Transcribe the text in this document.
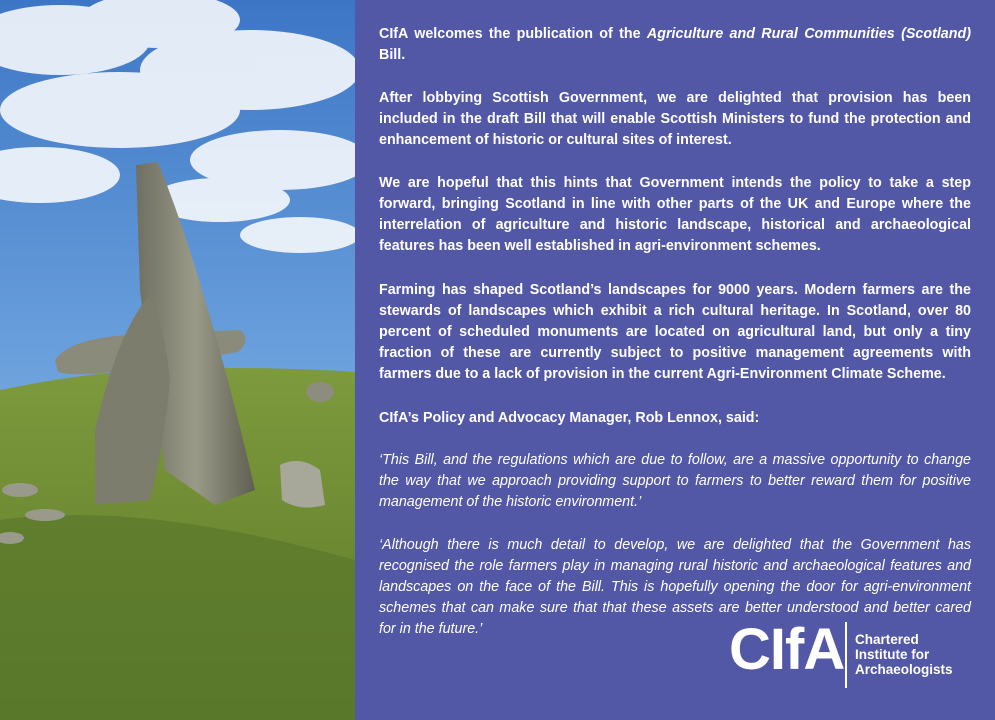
CIfA welcomes the publication of the Agriculture and Rural Communities (Scotland) Bill.

After lobbying Scottish Government, we are delighted that provision has been included in the draft Bill that will enable Scottish Ministers to fund the protection and enhancement of historic or cultural sites of interest.

We are hopeful that this hints that Government intends the policy to take a step forward, bringing Scotland in line with other parts of the UK and Europe where the interrelation of agriculture and historic landscape, historical and archaeological features has been well established in agri-environment schemes.

Farming has shaped Scotland’s landscapes for 9000 years. Modern farmers are the stewards of landscapes which exhibit a rich cultural heritage. In Scotland, over 80 percent of scheduled monuments are located on agricultural land, but only a tiny fraction of these are currently subject to positive management agreements with farmers due to a lack of provision in the current Agri-Environment Climate Scheme.

CIfA’s Policy and Advocacy Manager, Rob Lennox, said:

‘This Bill, and the regulations which are due to follow, are a massive opportunity to change the way that we approach providing support to farmers to better reward them for positive management of the historic environment.’

‘Although there is much detail to develop, we are delighted that the Government has recognised the role farmers play in managing rural historic and archaeological features and landscapes on the face of the Bill. This is hopefully opening the door for agri-environment schemes that can make sure that that these assets are better understood and better cared for in the future.’	CIfA Chartered
Institute for
Archaeologists
